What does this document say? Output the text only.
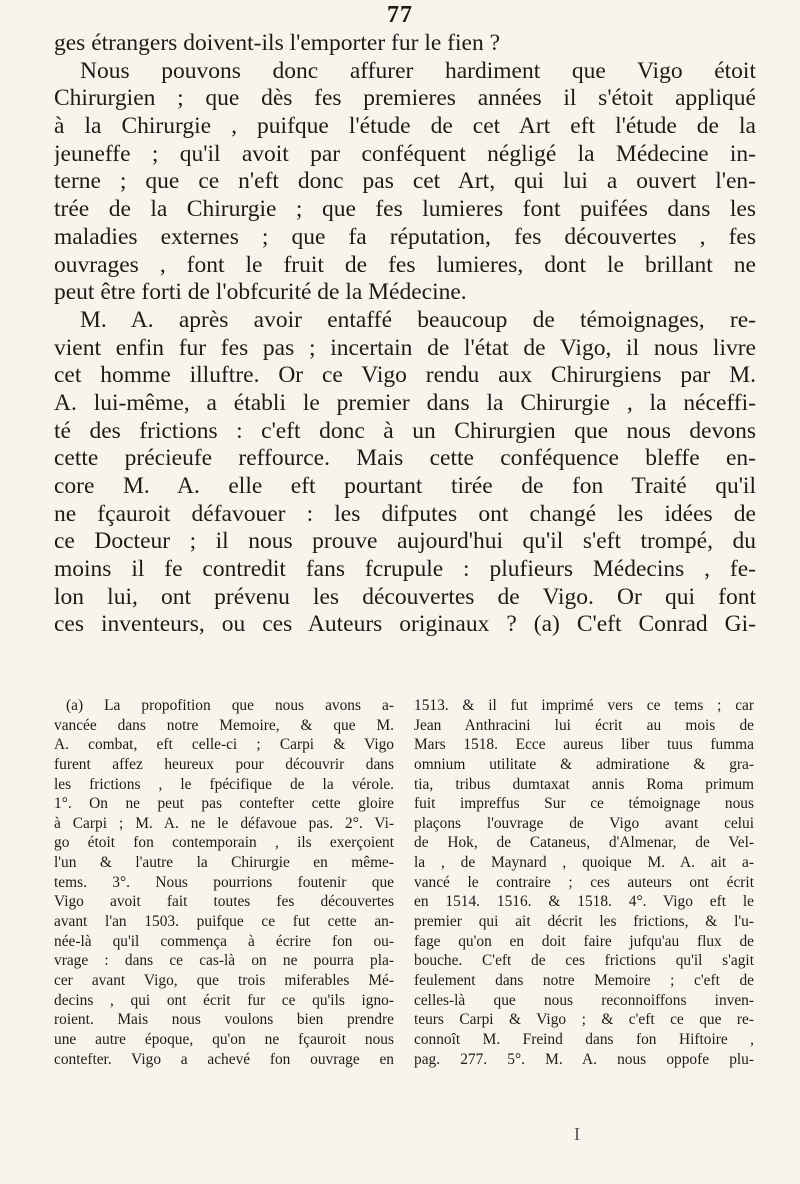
77
ges étrangers doivent-ils l'emporter fur le fien ?
Nous pouvons donc affurer hardiment que Vigo étoit
Chirurgien ; que dès fes premieres années il s'étoit appliqué
à la Chirurgie , puifque l'étude de cet Art eft l'étude de la
jeuneffe ; qu'il avoit par conféquent négligé la Médecine in-
terne ; que ce n'eft donc pas cet Art, qui lui a ouvert l'en-
trée de la Chirurgie ; que fes lumieres font puifées dans les
maladies externes ; que fa réputation, fes découvertes , fes
ouvrages , font le fruit de fes lumieres, dont le brillant ne
peut être forti de l'obfcurité de la Médecine.
M. A. après avoir entaffé beaucoup de témoignages, re-
vient enfin fur fes pas ; incertain de l'état de Vigo, il nous livre
cet homme illuftre. Or ce Vigo rendu aux Chirurgiens par M.
A. lui-même, a établi le premier dans la Chirurgie , la néceffi-
té des frictions : c'eft donc à un Chirurgien que nous devons
cette précieufe reffource. Mais cette conféquence bleffe en-
core M. A. elle eft pourtant tirée de fon Traité qu'il
ne fçauroit défavouer : les difputes ont changé les idées de
ce Docteur ; il nous prouve aujourd'hui qu'il s'eft trompé, du
moins il fe contredit fans fcrupule : plufieurs Médecins , fe-
lon lui, ont prévenu les découvertes de Vigo. Or qui font
ces inventeurs, ou ces Auteurs originaux ? (a) C'eft Conrad Gi-
(a) La propofition que nous avons a-
vancée dans notre Memoire, & que M.
A. combat, eft celle-ci ; Carpi & Vigo
furent affez heureux pour découvrir dans
les frictions , le fpécifique de la vérole.
1°. On ne peut pas contefter cette gloire
à Carpi ; M. A. ne le défavoue pas. 2°. Vi-
go étoit fon contemporain , ils exerçoient
l'un & l'autre la Chirurgie en même-
tems. 3°. Nous pourrions foutenir que
Vigo avoit fait toutes fes découvertes
avant l'an 1503. puifque ce fut cette an-
née-là qu'il commença à écrire fon ou-
vrage : dans ce cas-là on ne pourra pla-
cer avant Vigo, que trois miferables Mé-
decins , qui ont écrit fur ce qu'ils igno-
roient. Mais nous voulons bien prendre
une autre époque, qu'on ne fçauroit nous
contefter. Vigo a achevé fon ouvrage en
1513. & il fut imprimé vers ce tems ; car
Jean Anthracini lui écrit au mois de
Mars 1518. Ecce aureus liber tuus fumma
omnium utilitate & admiratione & gra-
tia, tribus dumtaxat annis Roma primum
fuit impreffus Sur ce témoignage nous
plaçons l'ouvrage de Vigo avant celui
de Hok, de Cataneus, d'Almenar, de Vel-
la , de Maynard , quoique M. A. ait a-
vancé le contraire ; ces auteurs ont écrit
en 1514. 1516. & 1518. 4°. Vigo eft le
premier qui ait décrit les frictions, & l'u-
fage qu'on en doit faire jufqu'au flux de
bouche. C'eft de ces frictions qu'il s'agit
feulement dans notre Memoire ; c'eft de
celles-là que nous reconnoiffons inven-
teurs Carpi & Vigo ; & c'eft ce que re-
connoît M. Freind dans fon Hiftoire ,
pag. 277. 5°. M. A. nous oppofe plu-
I
